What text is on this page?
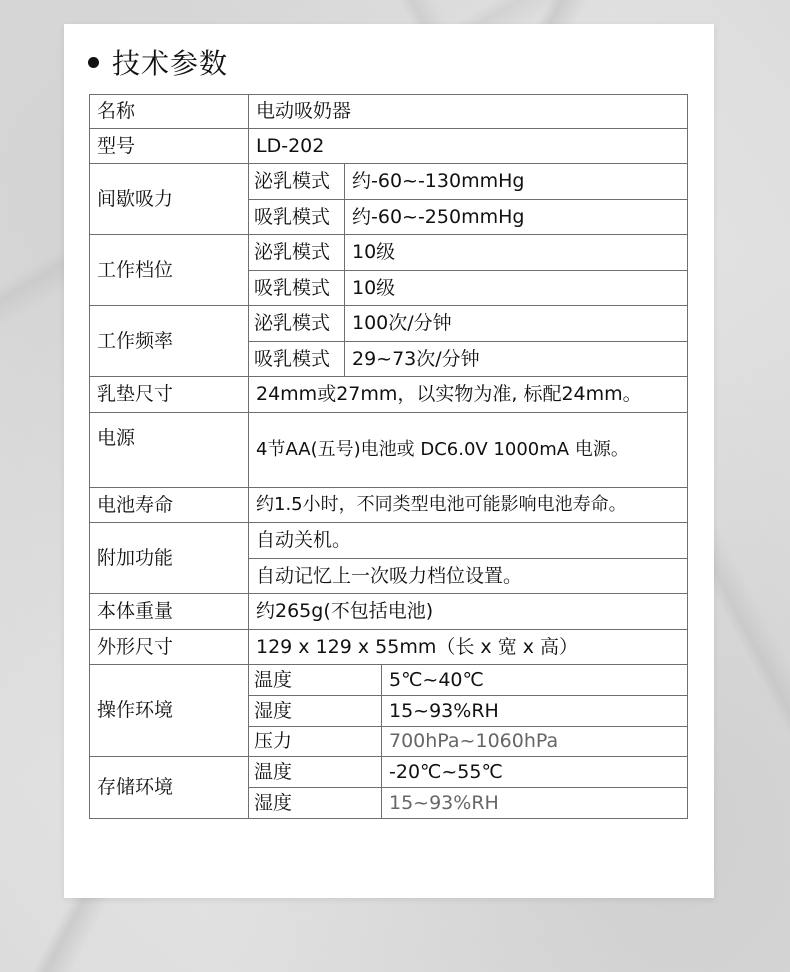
技术参数
名称	电动吸奶器		
型号	LD-202		
间歇吸力	泌乳模式	约-60~-130mmHg	
	吸乳模式	约-60~-250mmHg	
工作档位	泌乳模式	10级	
	吸乳模式	10级	
工作频率	泌乳模式	100次/分钟	
	吸乳模式	29~73次/分钟	
乳垫尺寸	24mm或27mm，以实物为准, 标配24mm。		
电源	4节AA(五号)电池或 DC6.0V 1000mA 电源。		
电池寿命	约1.5小时，不同类型电池可能影响电池寿命。		
附加功能	自动关机。		
	自动记忆上一次吸力档位设置。		
本体重量	约265g(不包括电池)		
外形尺寸	129 x 129 x 55mm（长 x 宽 x 高）		
操作环境	温度		5℃~40℃
	湿度		15~93%RH
	压力		700hPa~1060hPa
存储环境	温度		-20℃~55℃
	湿度		15~93%RH
